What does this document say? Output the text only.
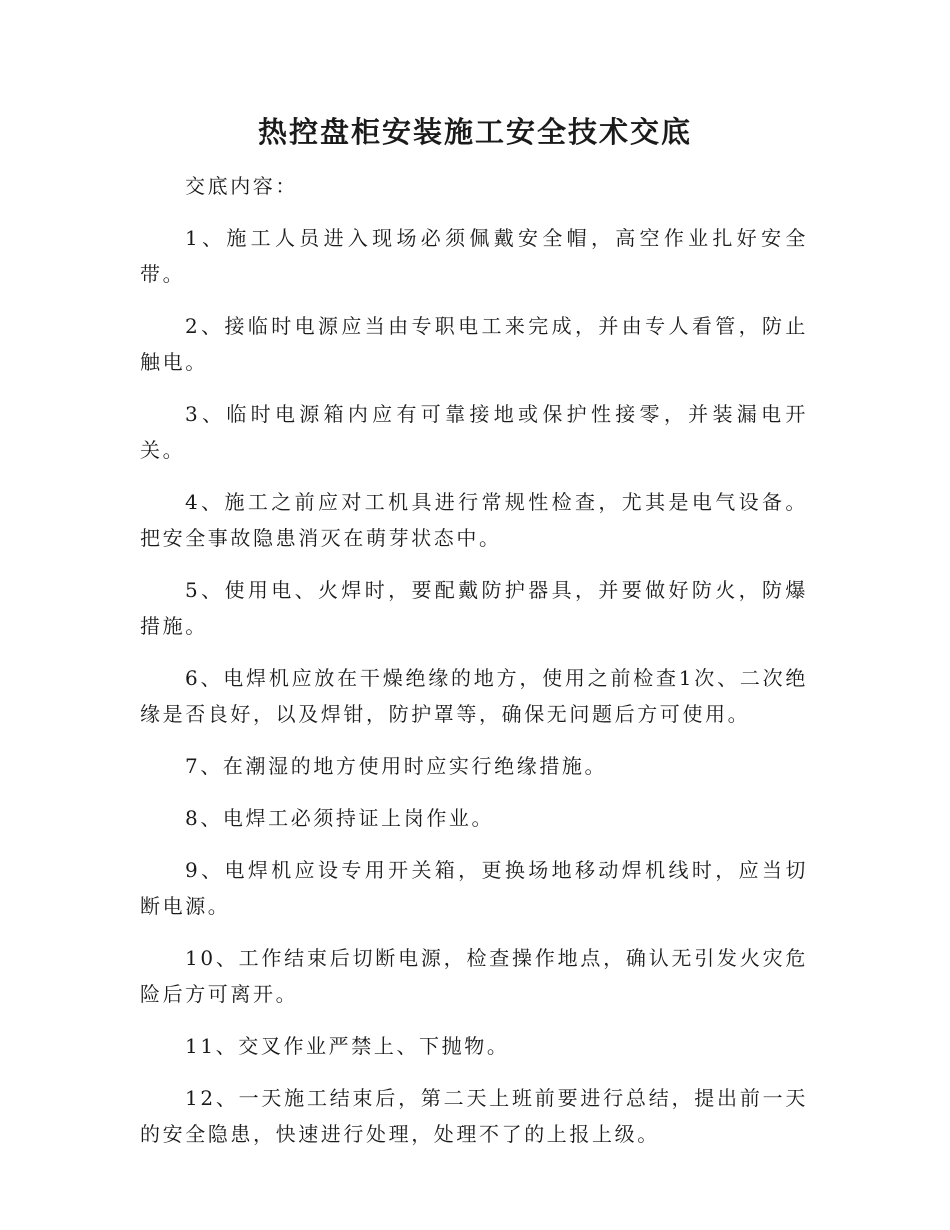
热控盘柜安装施工安全技术交底

交底内容：

1、施工人员进入现场必须佩戴安全帽，高空作业扎好安全带。

2、接临时电源应当由专职电工来完成，并由专人看管，防止触电。

3、临时电源箱内应有可靠接地或保护性接零，并装漏电开关。

4、施工之前应对工机具进行常规性检查，尤其是电气设备。把安全事故隐患消灭在萌芽状态中。

5、使用电、火焊时，要配戴防护器具，并要做好防火，防爆措施。

6、电焊机应放在干燥绝缘的地方，使用之前检查1次、二次绝缘是否良好，以及焊钳，防护罩等，确保无问题后方可使用。

7、在潮湿的地方使用时应实行绝缘措施。

8、电焊工必须持证上岗作业。

9、电焊机应设专用开关箱，更换场地移动焊机线时，应当切断电源。

10、工作结束后切断电源，检查操作地点，确认无引发火灾危险后方可离开。

11、交叉作业严禁上、下抛物。

12、一天施工结束后，第二天上班前要进行总结，提出前一天的安全隐患，快速进行处理，处理不了的上报上级。
